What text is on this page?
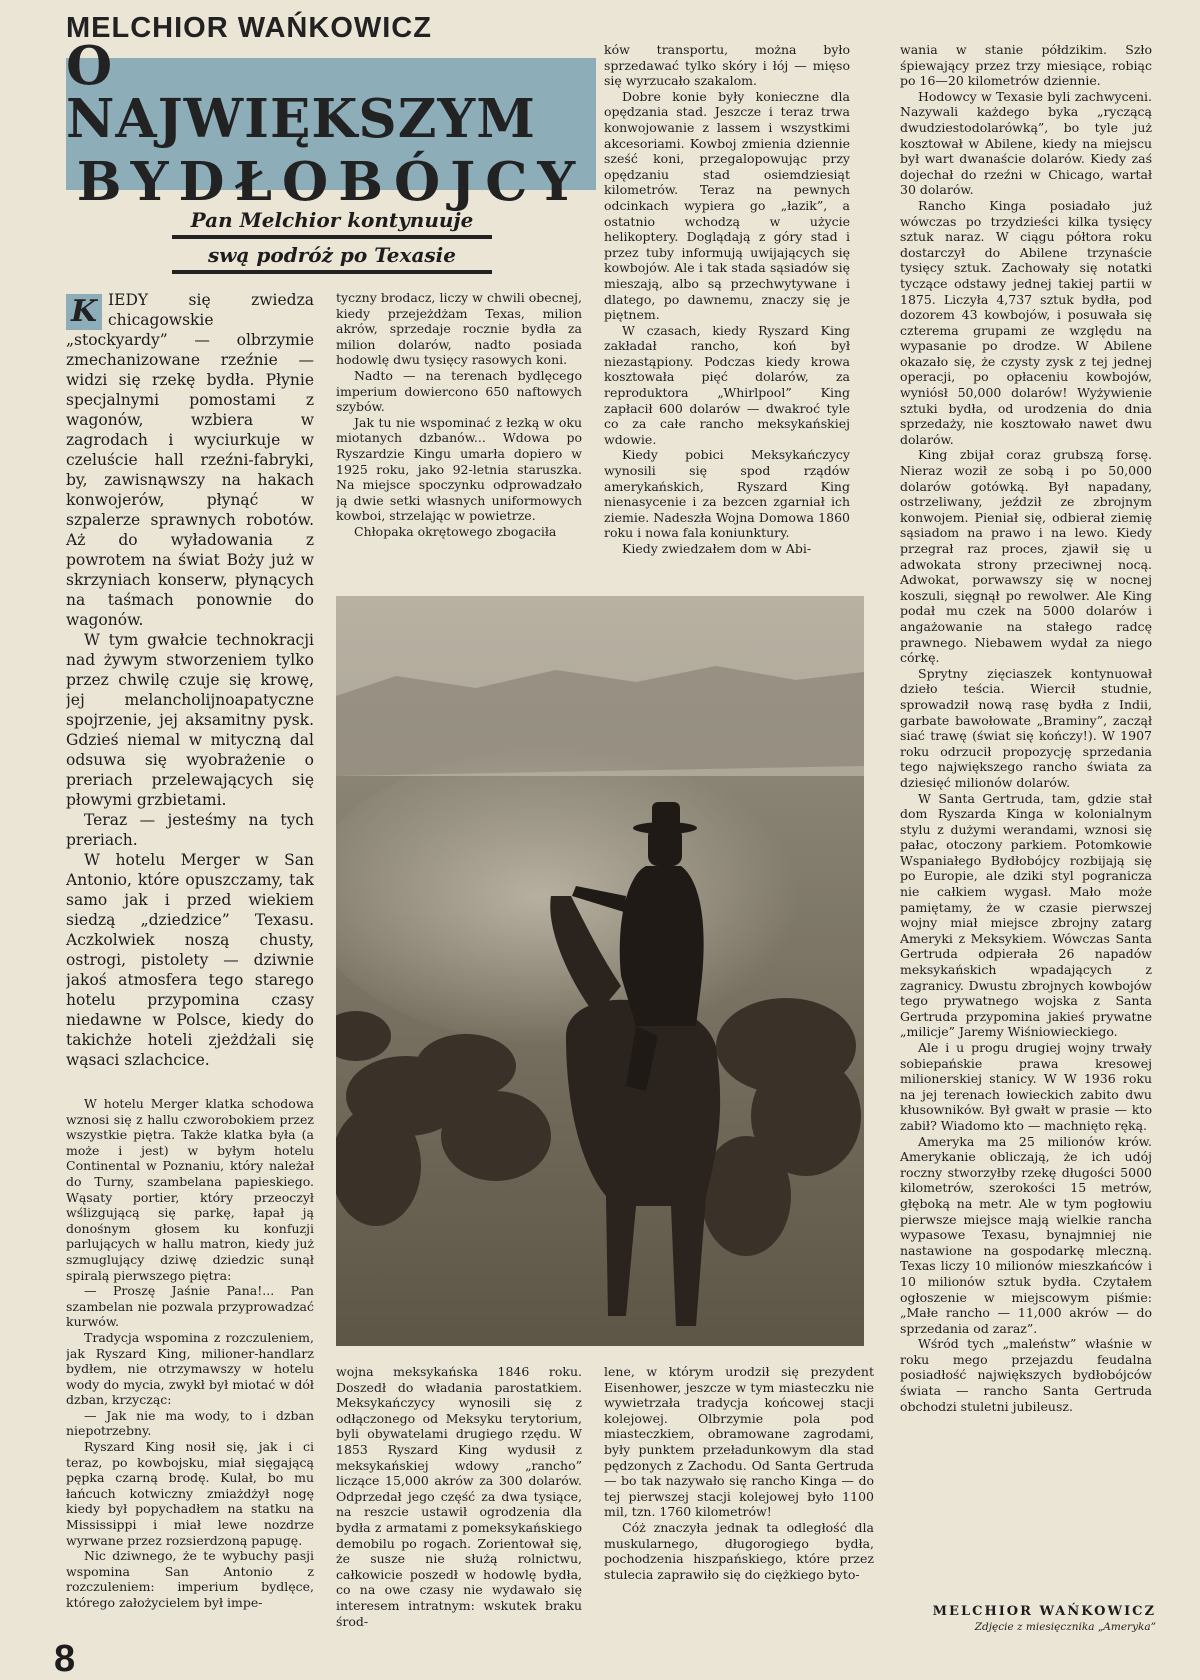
MELCHIOR WAŃKOWICZ
O NAJWIĘKSZYM
BYDŁOBÓJCY
Pan Melchior kontynuuje
swą podróż po Texasie

K IEDY się zwiedza chicagowskie „stockyardy” — olbrzymie zmechanizowane rzeźnie — widzi się rzekę bydła. Płynie specjalnymi pomostami z wagonów, wzbiera w zagrodach i wyciurkuje w czeluście hall rzeźni-fabryki, by, zawisnąwszy na hakach konwojerów, płynąć w szpalerze sprawnych robotów. Aż do wyładowania z powrotem na świat Boży już w skrzyniach konserw, płynących na taśmach ponownie do wagonów.

W tym gwałcie technokracji nad żywym stworzeniem tylko przez chwilę czuje się krowę, jej melancholijnoapatyczne spojrzenie, jej aksamitny pysk. Gdzieś niemal w mityczną dal odsuwa się wyobrażenie o preriach przelewających się płowymi grzbietami.

Teraz — jesteśmy na tych preriach.

W hotelu Merger w San Antonio, które opuszczamy, tak samo jak i przed wiekiem siedzą „dziedzice” Texasu. Aczkolwiek noszą chusty, ostrogi, pistolety — dziwnie jakoś atmosfera tego starego hotelu przypomina czasy niedawne w Polsce, kiedy do takichże hoteli zjeżdżali się wąsaci szlachcice.

W hotelu Merger klatka schodowa wznosi się z hallu czworobokiem przez wszystkie piętra. Także klatka była (a może i jest) w byłym hotelu Continental w Poznaniu, który należał do Turny, szambelana papieskiego. Wąsaty portier, który przeoczył wślizgującą się parkę, łapał ją donośnym głosem ku konfuzji parlujących w hallu matron, kiedy już szmuglujący dziwę dziedzic sunął spiralą pierwszego piętra:

— Proszę Jaśnie Pana!... Pan szambelan nie pozwala przyprowadzać kurwów.

Tradycja wspomina z rozczuleniem, jak Ryszard King, milioner-handlarz bydłem, nie otrzymawszy w hotelu wody do mycia, zwykł był miotać w dół dzban, krzycząc:

— Jak nie ma wody, to i dzban niepotrzebny.

Ryszard King nosił się, jak i ci teraz, po kowbojsku, miał sięgającą pępka czarną brodę. Kulał, bo mu łańcuch kotwiczny zmiażdżył nogę kiedy był popychadłem na statku na Mississippi i miał lewe nozdrze wyrwane przez rozsierdzoną papugę.

Nic dziwnego, że te wybuchy pasji wspomina San Antonio z rozczuleniem: imperium bydlęce, którego założycielem był impe-

tyczny brodacz, liczy w chwili obecnej, kiedy przejeżdżam Texas, milion akrów, sprzedaje rocznie bydła za milion dolarów, nadto posiada hodowlę dwu tysięcy rasowych koni.

Nadto — na terenach bydlęcego imperium dowiercono 650 naftowych szybów.

Jak tu nie wspominać z łezką w oku miotanych dzbanów... Wdowa po Ryszardzie Kingu umarła dopiero w 1925 roku, jako 92-letnia staruszka. Na miejsce spoczynku odprowadzało ją dwie setki własnych uniformowych kowboi, strzelając w powietrze.

Chłopaka okrętowego zbogaciła

ków transportu, można było sprzedawać tylko skóry i łój — mięso się wyrzucało szakalom.

Dobre konie były konieczne dla opędzania stad. Jeszcze i teraz trwa konwojowanie z lassem i wszystkimi akcesoriami. Kowboj zmienia dziennie sześć koni, przegalopowując przy opędzaniu stad osiemdziesiąt kilometrów. Teraz na pewnych odcinkach wypiera go „łazik”, a ostatnio wchodzą w użycie helikoptery. Doglądają z góry stad i przez tuby informują uwijających się kowbojów. Ale i tak stada sąsiadów się mieszają, albo są przechwytywane i dlatego, po dawnemu, znaczy się je piętnem.

W czasach, kiedy Ryszard King zakładał rancho, koń był niezastąpiony. Podczas kiedy krowa kosztowała pięć dolarów, za reproduktora „Whirlpool” King zapłacił 600 dolarów — dwakroć tyle co za całe rancho meksykańskiej wdowie.

Kiedy pobici Meksykańczycy wynosili się spod rządów amerykańskich, Ryszard King nienasycenie i za bezcen zgarniał ich ziemie. Nadeszła Wojna Domowa 1860 roku i nowa fala koniunktury.

Kiedy zwiedzałem dom w Abi-

wania w stanie półdzikim. Szło śpiewający przez trzy miesiące, robiąc po 16—20 kilometrów dziennie.

Hodowcy w Texasie byli zachwyceni. Nazywali każdego byka „ryczącą dwudziestodolarówką”, bo tyle już kosztował w Abilene, kiedy na miejscu był wart dwanaście dolarów. Kiedy zaś dojechał do rzeźni w Chicago, wartał 30 dolarów.

Rancho Kinga posiadało już wówczas po trzydzieści kilka tysięcy sztuk naraz. W ciągu półtora roku dostarczył do Abilene trzynaście tysięcy sztuk. Zachowały się notatki tyczące odstawy jednej takiej partii w 1875. Liczyła 4,737 sztuk bydła, pod dozorem 43 kowbojów, i posuwała się czterema grupami ze względu na wypasanie po drodze. W Abilene okazało się, że czysty zysk z tej jednej operacji, po opłaceniu kowbojów, wyniósł 50,000 dolarów! Wyżywienie sztuki bydła, od urodzenia do dnia sprzedaży, nie kosztowało nawet dwu dolarów.

King zbijał coraz grubszą forsę. Nieraz woził ze sobą i po 50,000 dolarów gotówką. Był napadany, ostrzeliwany, jeździł ze zbrojnym konwojem. Pieniał się, odbierał ziemię sąsiadom na prawo i na lewo. Kiedy przegrał raz proces, zjawił się u adwokata strony przeciwnej nocą. Adwokat, porwawszy się w nocnej koszuli, sięgnął po rewolwer. Ale King podał mu czek na 5000 dolarów i angażowanie na stałego radcę prawnego. Niebawem wydał za niego córkę.

Sprytny zięciaszek kontynuował dzieło teścia. Wiercił studnie, sprowadził nową rasę bydła z Indii, garbate bawołowate „Braminy”, zaczął siać trawę (świat się kończy!). W 1907 roku odrzucił propozycję sprzedania tego największego rancho świata za dziesięć milionów dolarów.

W Santa Gertruda, tam, gdzie stał dom Ryszarda Kinga w kolonialnym stylu z dużymi werandami, wznosi się pałac, otoczony parkiem. Potomkowie Wspaniałego Bydłobójcy rozbijają się po Europie, ale dziki styl pogranicza nie całkiem wygasł. Mało może pamiętamy, że w czasie pierwszej wojny miał miejsce zbrojny zatarg Ameryki z Meksykiem. Wówczas Santa Gertruda odpierała 26 napadów meksykańskich wpadających z zagranicy. Dwustu zbrojnych kowbojów tego prywatnego wojska z Santa Gertruda przypomina jakieś prywatne „milicje” Jaremy Wiśniowieckiego.

Ale i u progu drugiej wojny trwały sobiepańskie prawa kresowej milionerskiej stanicy. W W 1936 roku na jej terenach łowieckich zabito dwu kłusowników. Był gwałt w prasie — kto zabił? Wiadomo kto — machnięto ręką.

Ameryka ma 25 milionów krów. Amerykanie obliczają, że ich udój roczny stworzyłby rzekę długości 5000 kilometrów, szerokości 15 metrów, głęboką na metr. Ale w tym pogłowiu pierwsze miejsce mają wielkie rancha wypasowe Texasu, bynajmniej nie nastawione na gospodarkę mleczną. Texas liczy 10 milionów mieszkańców i 10 milionów sztuk bydła. Czytałem ogłoszenie w miejscowym piśmie: „Małe rancho — 11,000 akrów — do sprzedania od zaraz”.

Wśród tych „maleństw” właśnie w roku mego przejazdu feudalna posiadłość największych bydłobójców świata — rancho Santa Gertruda obchodzi stuletni jubileusz.

wojna meksykańska 1846 roku. Doszedł do władania parostatkiem. Meksykańczycy wynosili się z odłączonego od Meksyku terytorium, byli obywatelami drugiego rzędu. W 1853 Ryszard King wydusił z meksykańskiej wdowy „rancho” liczące 15,000 akrów za 300 dolarów. Odprzedał jego część za dwa tysiące, na reszcie ustawił ogrodzenia dla bydła z armatami z pomeksykańskiego demobilu po rogach. Zorientował się, że susze nie służą rolnictwu, całkowicie poszedł w hodowlę bydła, co na owe czasy nie wydawało się interesem intratnym: wskutek braku środ-

lene, w którym urodził się prezydent Eisenhower, jeszcze w tym miasteczku nie wywietrzała tradycja końcowej stacji kolejowej. Olbrzymie pola pod miasteczkiem, obramowane zagrodami, były punktem przeładunkowym dla stad pędzonych z Zachodu. Od Santa Gertruda — bo tak nazywało się rancho Kinga — do tej pierwszej stacji kolejowej było 1100 mil, tzn. 1760 kilometrów!

Cóż znaczyła jednak ta odległość dla muskularnego, długorogiego bydła, pochodzenia hiszpańskiego, które przez stulecia zaprawiło się do ciężkiego byto-

MELCHIOR WAŃKOWICZ
Zdjęcie z miesięcznika „Ameryka”
8
